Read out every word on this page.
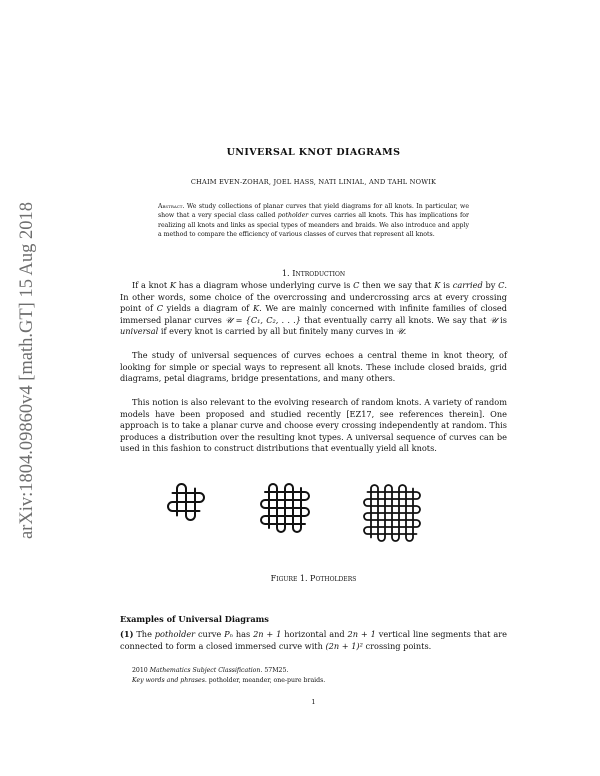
arXiv:1804.09860v4 [math.GT] 15 Aug 2018
UNIVERSAL KNOT DIAGRAMS
CHAIM EVEN-ZOHAR, JOEL HASS, NATI LINIAL, AND TAHL NOWIK
Abstract. We study collections of planar curves that yield diagrams for all knots. In particular, we show that a very special class called potholder curves carries all knots. This has implications for realizing all knots and links as special types of meanders and braids. We also introduce and apply a method to compare the efficiency of various classes of curves that represent all knots.
1. Introduction

If a knot K has a diagram whose underlying curve is C then we say that K is carried by C. In other words, some choice of the overcrossing and undercrossing arcs at every crossing point of C yields a diagram of K. We are mainly concerned with infinite families of closed immersed planar curves 𝒰 = {C₁, C₂, . . .} that eventually carry all knots. We say that 𝒰 is universal if every knot is carried by all but finitely many curves in 𝒰.

The study of universal sequences of curves echoes a central theme in knot theory, of looking for simple or special ways to represent all knots. These include closed braids, grid diagrams, petal diagrams, bridge presentations, and many others.

This notion is also relevant to the evolving research of random knots. A variety of random models have been proposed and studied recently [EZ17, see references therein]. One approach is to take a planar curve and choose every crossing independently at random. This produces a distribution over the resulting knot types. A universal sequence of curves can be used in this fashion to construct distributions that eventually yield all knots.

Figure 1. Potholders
Examples of Universal Diagrams

(1) The potholder curve Pₙ has 2n + 1 horizontal and 2n + 1 vertical line segments that are connected to form a closed immersed curve with (2n + 1)² crossing points.

2010 Mathematics Subject Classification. 57M25.
Key words and phrases. potholder, meander, one-pure braids.
1
